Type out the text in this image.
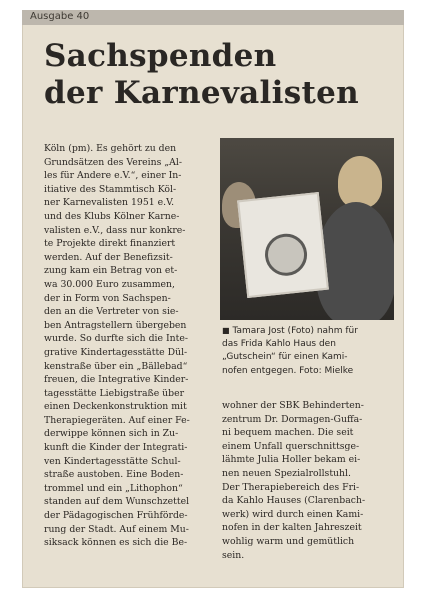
Ausgabe 40
Sachspenden
der Karnevalisten
Köln (pm). Es gehört zu den
Grundsätzen des Vereins „Al-
les für Andere e.V.“, einer In-
itiative des Stammtisch Köl-
ner Karnevalisten 1951 e.V.
und des Klubs Kölner Karne-
valisten e.V., dass nur konkre-
te Projekte direkt finanziert
werden. Auf der Benefizsit-
zung kam ein Betrag von et-
wa 30.000 Euro zusammen,
der in Form von Sachspen-
den an die Vertreter von sie-
ben Antragstellern übergeben
wurde. So durfte sich die Inte-
grative Kindertagesstätte Dül-
kenstraße über ein „Bällebad“
freuen, die Integrative Kinder-
tagesstätte Liebigstraße über
einen Deckenkonstruktion mit
Therapiegeräten. Auf einer Fe-
derwippe können sich in Zu-
kunft die Kinder der Integrati-
ven Kindertagesstätte Schul-
straße austoben. Eine Boden-
trommel und ein „Lithophon“
standen auf dem Wunschzettel
der Pädagogischen Frühförde-
rung der Stadt. Auf einem Mu-
siksack können es sich die Be-
■ Tamara Jost (Foto) nahm für
das Frida Kahlo Haus den
„Gutschein“ für einen Kami-
nofen entgegen. Foto: Mielke
wohner der SBK Behinderten-
zentrum Dr. Dormagen-Guffa-
ni bequem machen. Die seit
einem Unfall querschnittsge-
lähmte Julia Holler bekam ei-
nen neuen Spezialrollstuhl.
Der Therapiebereich des Fri-
da Kahlo Hauses (Clarenbach-
werk) wird durch einen Kami-
nofen in der kalten Jahreszeit
wohlig warm und gemütlich
sein.
